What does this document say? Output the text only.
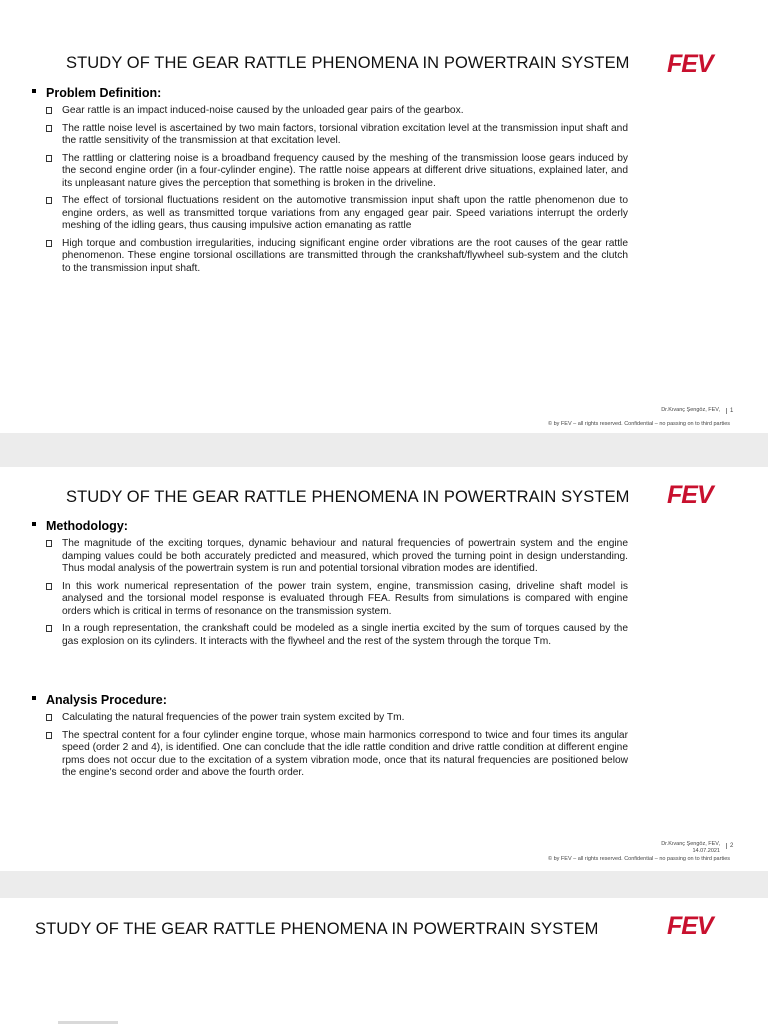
STUDY OF THE GEAR RATTLE PHENOMENA IN POWERTRAIN SYSTEM FEV
Problem Definition:
Gear rattle is an impact induced-noise caused by the unloaded gear pairs of the gearbox.
The rattle noise level is ascertained by two main factors, torsional vibration excitation level at the transmission input shaft and the rattle sensitivity of the transmission at that excitation level.
The rattling or clattering noise is a broadband frequency caused by the meshing of the transmission loose gears induced by the second engine order (in a four-cylinder engine). The rattle noise appears at different drive situations, explained later, and its unpleasant nature gives the perception that something is broken in the driveline.
The effect of torsional fluctuations resident on the automotive transmission input shaft upon the rattle phenomenon due to engine orders, as well as transmitted torque variations from any engaged gear pair. Speed variations interrupt the orderly meshing of the idling gears, thus causing impulsive action emanating as rattle
High torque and combustion irregularities, inducing significant engine order vibrations are the root causes of the gear rattle phenomenon. These engine torsional oscillations are transmitted through the crankshaft/flywheel sub-system and the clutch to the transmission input shaft.
Dr.Kıvanç Şengöz, FEV,	1
© by FEV – all rights reserved. Confidential – no passing on to third parties
STUDY OF THE GEAR RATTLE PHENOMENA IN POWERTRAIN SYSTEM FEV
Methodology:
The magnitude of the exciting torques, dynamic behaviour and natural frequencies of powertrain system and the engine damping values could be both accurately predicted and measured, which proved the turning point in design understanding. Thus modal analysis of the powertrain system is run and potential torsional vibration modes are identified.
In this work numerical representation of the power train system, engine, transmission casing, driveline shaft model is analysed and the torsional model response is evaluated through FEA. Results from simulations is compared with engine orders which is critical in terms of resonance on the transmission system.
In a rough representation, the crankshaft could be modeled as a single inertia excited by the sum of torques caused by the gas explosion on its cylinders. It interacts with the flywheel and the rest of the system through the torque Tm.
Analysis Procedure:
Calculating the natural frequencies of the power train system excited by Tm.
The spectral content for a four cylinder engine torque, whose main harmonics correspond to twice and four times its angular speed (order 2 and 4), is identified. One can conclude that the idle rattle condition and drive rattle condition at different engine rpms does not occur due to the excitation of a system vibration mode, once that its natural frequencies are positioned below the engine's second order and above the fourth order.
Dr.Kıvanç Şengöz, FEV,
14.07.2021
2
© by FEV – all rights reserved. Confidential – no passing on to third parties
STUDY OF THE GEAR RATTLE PHENOMENA IN POWERTRAIN SYSTEM	FEV
